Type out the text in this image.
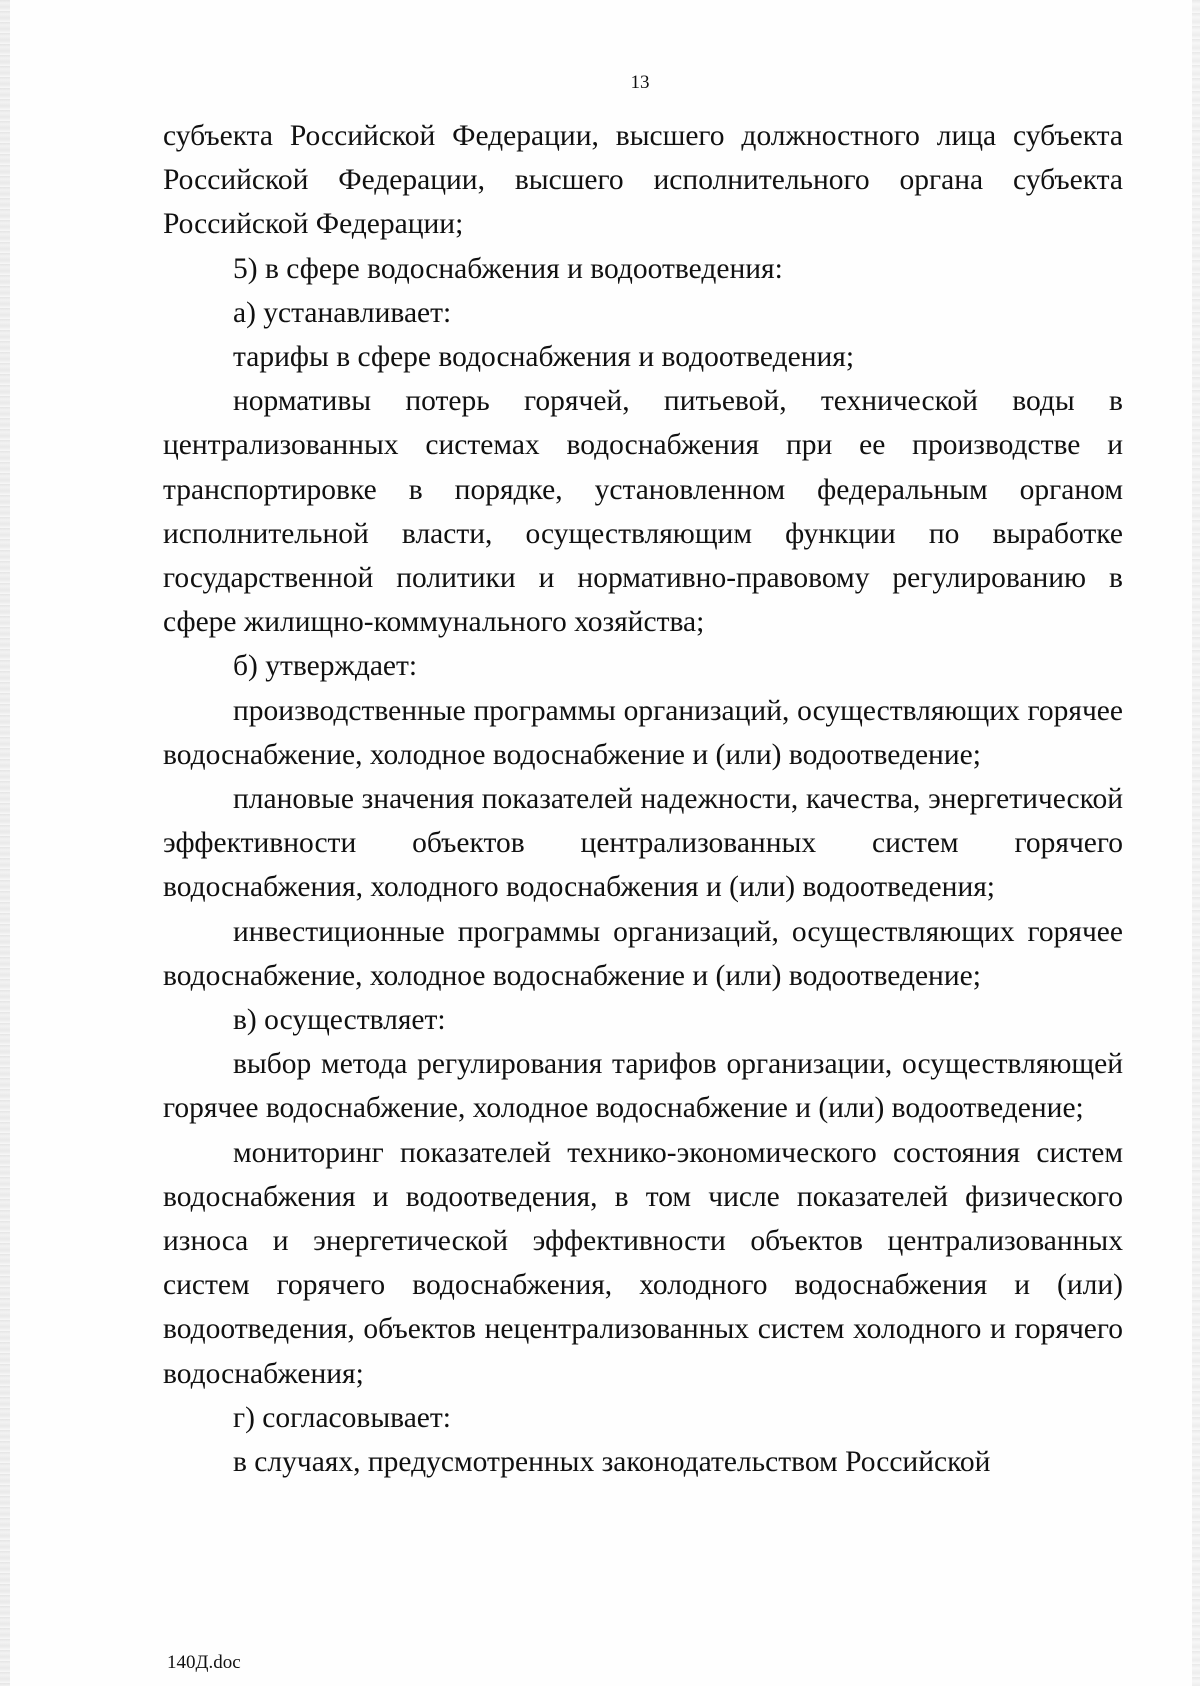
13

субъекта Российской Федерации, высшего должностного лица субъекта Российской Федерации, высшего исполнительного органа субъекта Российской Федерации;

5) в сфере водоснабжения и водоотведения:

а) устанавливает:

тарифы в сфере водоснабжения и водоотведения;

нормативы потерь горячей, питьевой, технической воды в централизованных системах водоснабжения при ее производстве и транспортировке в порядке, установленном федеральным органом исполнительной власти, осуществляющим функции по выработке государственной политики и нормативно-правовому регулированию в сфере жилищно-коммунального хозяйства;

б) утверждает:

производственные программы организаций, осуществляющих горячее водоснабжение, холодное водоснабжение и (или) водоотведение;

плановые значения показателей надежности, качества, энергетической эффективности объектов централизованных систем горячего водоснабжения, холодного водоснабжения и (или) водоотведения;

инвестиционные программы организаций, осуществляющих горячее водоснабжение, холодное водоснабжение и (или) водоотведение;

в) осуществляет:

выбор метода регулирования тарифов организации, осуществляющей горячее водоснабжение, холодное водоснабжение и (или) водоотведение;

мониторинг показателей технико-экономического состояния систем водоснабжения и водоотведения, в том числе показателей физического износа и энергетической эффективности объектов централизованных систем горячего водоснабжения, холодного водоснабжения и (или) водоотведения, объектов нецентрализованных систем холодного и горячего водоснабжения;

г) согласовывает:

в случаях, предусмотренных законодательством Российской

140Д.doc
